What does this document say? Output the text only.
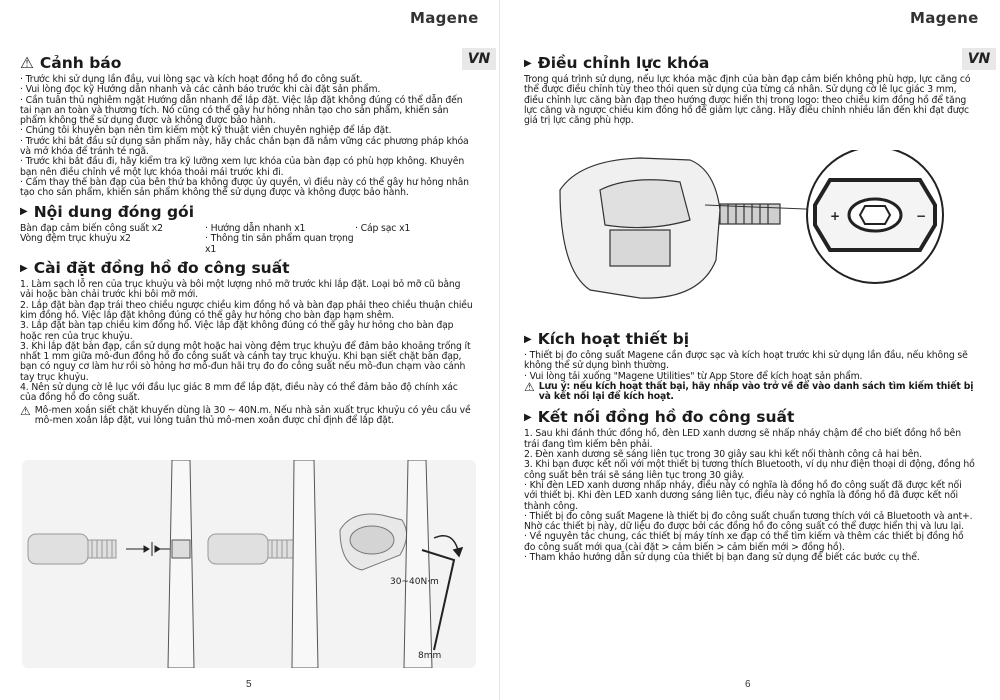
Magene
VN
⚠ Cảnh báo

· Trước khi sử dụng lần đầu, vui lòng sạc và kích hoạt đồng hồ đo công suất.

· Vui lòng đọc kỹ Hướng dẫn nhanh và các cảnh báo trước khi cài đặt sản phẩm.

· Cần tuân thủ nghiêm ngặt Hướng dẫn nhanh để lắp đặt. Việc lắp đặt không đúng có thể dẫn đến tai nạn an toàn và thương tích. Nó cũng có thể gây hư hỏng nhân tạo cho sản phẩm, khiến sản phẩm không thể sử dụng được và không được bảo hành.

· Chúng tôi khuyên bạn nên tìm kiếm một kỹ thuật viên chuyên nghiệp để lắp đặt.

· Trước khi bắt đầu sử dụng sản phẩm này, hãy chắc chắn bạn đã nắm vững các phương pháp khóa và mở khóa để tránh té ngã.

· Trước khi bắt đầu đi, hãy kiểm tra kỹ lưỡng xem lực khóa của bàn đạp có phù hợp không. Khuyên bạn nên điều chỉnh về một lực khóa thoải mái trước khi đi.

· Cấm thay thế bàn đạp của bên thứ ba không được ủy quyền, vì điều này có thể gây hư hỏng nhân tạo cho sản phẩm, khiến sản phẩm không thể sử dụng được và không được bảo hành.

▶ Nội dung đóng gói
Bàn đạp cảm biến công suất x2	· Hướng dẫn nhanh x1	· Cáp sạc x1
Vòng đệm trục khuỷu x2	· Thông tin sản phẩm quan trọng x1
▶ Cài đặt đồng hồ đo công suất

1. Làm sạch lỗ ren của trục khuỷu và bôi một lượng nhỏ mỡ trước khi lắp đặt. Loại bỏ mỡ cũ bằng vải hoặc bàn chải trước khi bôi mỡ mới.

2. Lắp đặt bàn đạp trái theo chiều ngược chiều kim đồng hồ và bàn đạp phải theo chiều thuận chiều kim đồng hồ. Việc lắp đặt không đúng có thể gây hư hỏng cho bàn đạp hạm shêm.

3. Lắp đặt bàn tạp chiều kim đồng hồ. Việc lắp đặt không đúng có thể gây hư hỏng cho bàn đạp hoặc ren của trục khuỷu.

3. Khi lắp đặt bàn đạp, cần sử dụng một hoặc hai vòng đệm trục khuỷu để đảm bảo khoảng trống ít nhất 1 mm giữa mô-đun đồng hồ đo công suất và cánh tay trục khuỷu. Khi bạn siết chặt bàn đạp, bạn có nguy cơ làm hư rồi sò hỏng hơ mô-đun hãi trụ đo đo công suất nếu mô-đun chạm vào cánh tay trục khuỷu.

4. Nên sử dụng cờ lê lục với đầu lục giác 8 mm để lắp đặt, điều này có thể đảm bảo độ chính xác của đồng hồ đo công suất.

⚠ Mô-men xoắn siết chặt khuyến dùng là 30 ~ 40N.m. Nếu nhà sản xuất trục khuỷu có yêu cầu về mô-men xoắn lắp đặt, vui lòng tuân thủ mô-men xoắn được chỉ định để lắp đặt.

30~40N·m
8mm
5
Magene
VN
▶ Điều chỉnh lực khóa

Trong quá trình sử dụng, nếu lực khóa mặc định của bàn đạp cảm biến không phù hợp, lực căng có thể được điều chỉnh tùy theo thói quen sử dụng của từng cá nhân. Sử dụng cờ lê lục giác 3 mm, điều chỉnh lực căng bàn đạp theo hướng được hiển thị trong logo: theo chiều kim đồng hồ để tăng lực căng và ngược chiều kim đồng hồ để giảm lực căng. Hãy điều chỉnh nhiều lần đến khi đạt được giá trị lực căng phù hợp.

+	−
▶ Kích hoạt thiết bị

· Thiết bị đo công suất Magene cần được sạc và kích hoạt trước khi sử dụng lần đầu, nếu không sẽ không thể sử dụng bình thường.

· Vui lòng tải xuống "Magene Utilities" từ App Store để kích hoạt sản phẩm.

⚠ Lưu ý: nếu kích hoạt thất bại, hãy nhấp vào trở về để vào danh sách tìm kiếm thiết bị và kết nối lại để kích hoạt.

▶ Kết nối đồng hồ đo công suất

1. Sau khi đánh thức đồng hồ, đèn LED xanh dương sẽ nhấp nháy chậm để cho biết đồng hồ bên trái đang tìm kiếm bên phải.

2. Đèn xanh dương sẽ sáng liên tục trong 30 giây sau khi kết nối thành công cả hai bên.

3. Khi bạn được kết nối với một thiết bị tương thích Bluetooth, ví dụ như điện thoại di động, đồng hồ công suất bên trái sẽ sáng liên tục trong 30 giây.

· Khi đèn LED xanh dương nhấp nháy, điều này có nghĩa là đồng hồ đo công suất đã được kết nối với thiết bị. Khi đèn LED xanh dương sáng liên tục, điều này có nghĩa là đồng hồ đã được kết nối thành công.

· Thiết bị đo công suất Magene là thiết bị đo công suất chuẩn tương thích với cả Bluetooth và ant+. Nhờ các thiết bị này, dữ liệu đo được bởi các đồng hồ đo công suất có thể được hiển thị và lưu lại.

· Về nguyên tắc chung, các thiết bị máy tính xe đạp có thể tìm kiếm và thêm các thiết bị đồng hồ đo công suất mới qua (cài đặt > cảm biến > cảm biến mới > đồng hồ).

· Tham khảo hướng dẫn sử dụng của thiết bị bạn đang sử dụng để biết các bước cụ thể.

6
